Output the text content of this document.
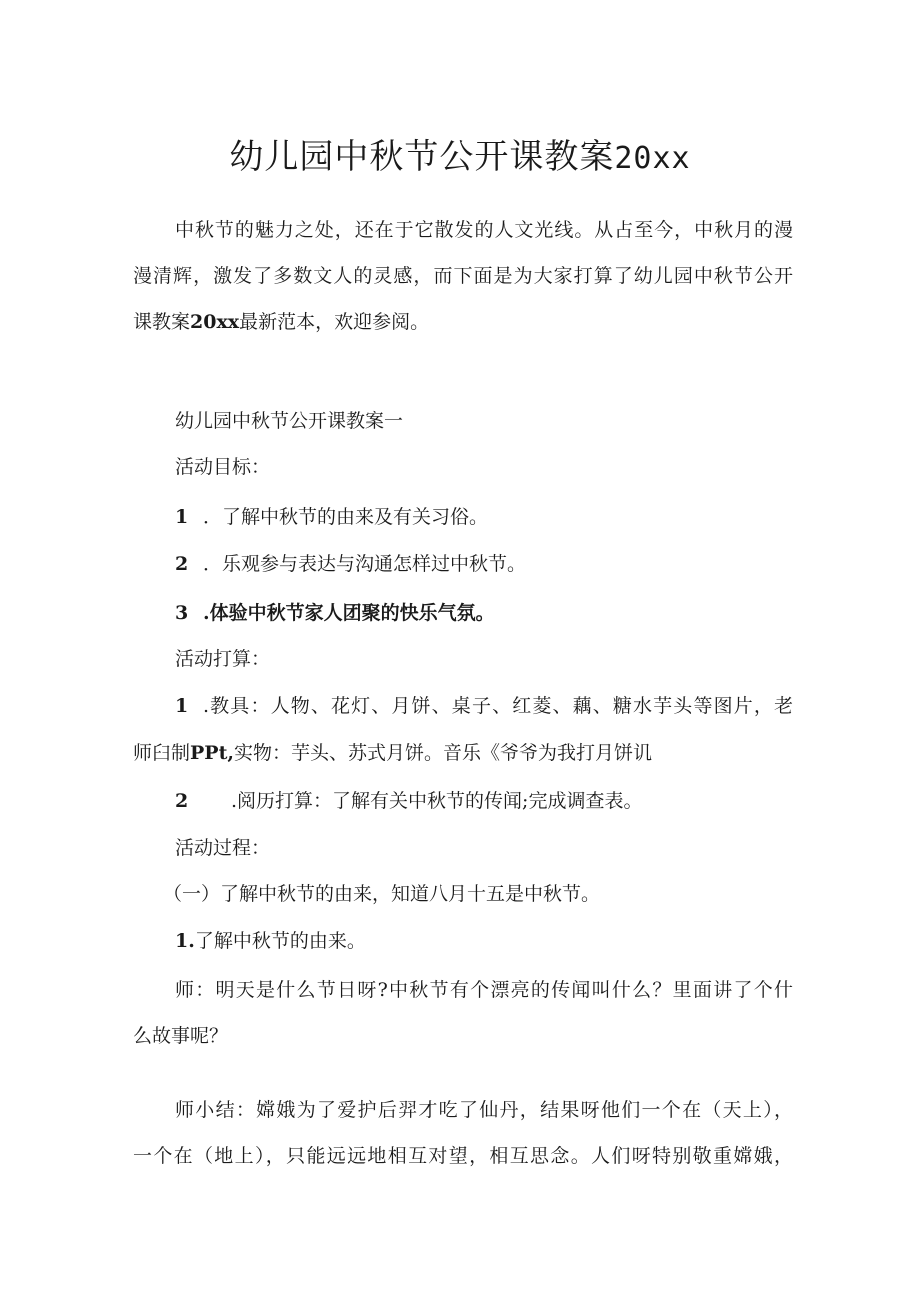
幼儿园中秋节公开课教案20xx
中秋节的魅力之处，还在于它散发的人文光线。从占至今，中秋月的漫
漫清辉，激发了多数文人的灵感，而下面是为大家打算了幼儿园中秋节公开
课教案20xx最新范本，欢迎参阅。
幼儿园中秋节公开课教案一
活动目标：
1 ．了解中秋节的由来及有关习俗。
2 ．乐观参与表达与沟通怎样过中秋节。
3 .体验中秋节家人团聚的快乐气氛。
活动打算：
1 .教具：人物、花灯、月饼、桌子、红菱、藕、糖水芋头等图片，老
师臼制PPt,实物：芋头、苏式月饼。音乐《爷爷为我打月饼讥
2 .阅历打算：了解有关中秋节的传闻;完成调查表。
活动过程：
（一）了解中秋节的由来，知道八月十五是中秋节。
1.了解中秋节的由来。
师：明天是什么节日呀?中秋节有个漂亮的传闻叫什么？里面讲了个什
么故事呢？
师小结：嫦娥为了爱护后羿才吃了仙丹，结果呀他们一个在（天上），
一个在（地上），只能远远地相互对望，相互思念。人们呀特别敬重嫦娥，
